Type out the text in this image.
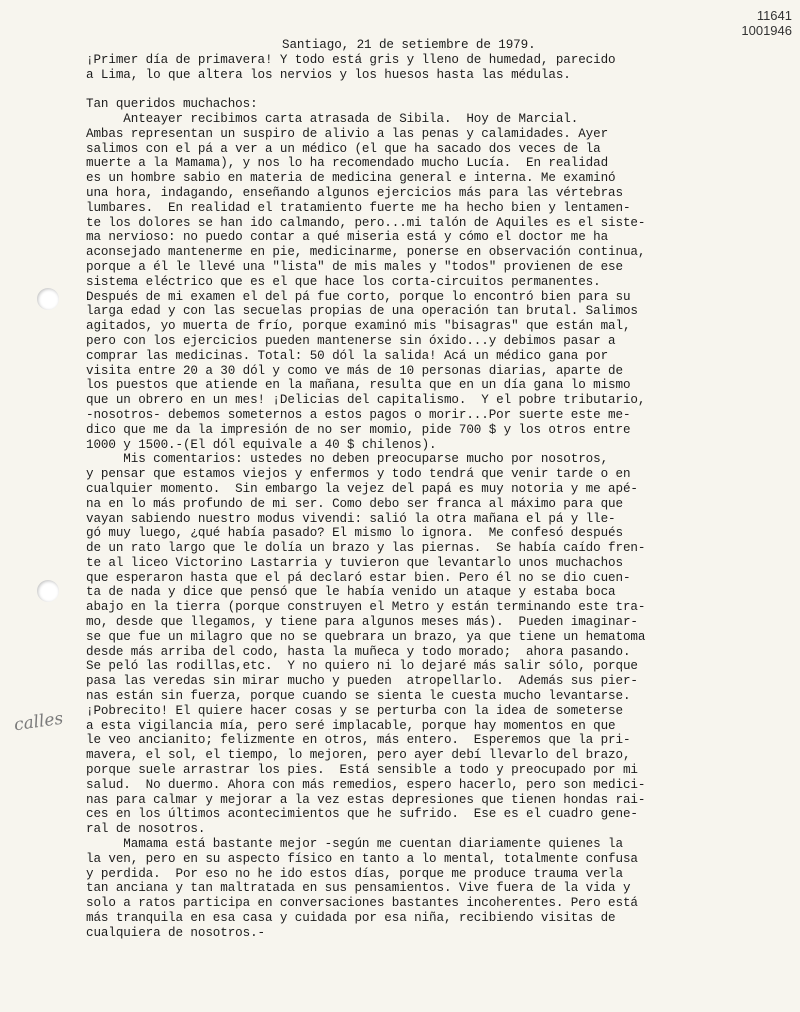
11641
1001946
calles
Santiago, 21 de setiembre de 1979.
¡Primer día de primavera! Y todo está gris y lleno de humedad, parecido
a Lima, lo que altera los nervios y los huesos hasta las médulas.
Tan queridos muchachos:
Anteayer recibimos carta atrasada de Sibila.  Hoy de Marcial.
Ambas representan un suspiro de alivio a las penas y calamidades. Ayer
salimos con el pá a ver a un médico (el que ha sacado dos veces de la
muerte a la Mamama), y nos lo ha recomendado mucho Lucía.  En realidad
es un hombre sabio en materia de medicina general e interna. Me examinó
una hora, indagando, enseñando algunos ejercicios más para las vértebras
lumbares.  En realidad el tratamiento fuerte me ha hecho bien y lentamen-
te los dolores se han ido calmando, pero...mi talón de Aquiles es el siste-
ma nervioso: no puedo contar a qué miseria está y cómo el doctor me ha
aconsejado mantenerme en pie, medicinarme, ponerse en observación continua,
porque a él le llevé una "lista" de mis males y "todos" provienen de ese
sistema eléctrico que es el que hace los corta-circuitos permanentes.
Después de mi examen el del pá fue corto, porque lo encontró bien para su
larga edad y con las secuelas propias de una operación tan brutal. Salimos
agitados, yo muerta de frío, porque examinó mis "bisagras" que están mal,
pero con los ejercicios pueden mantenerse sin óxido...y debimos pasar a
comprar las medicinas. Total: 50 dól la salida! Acá un médico gana por
visita entre 20 a 30 dól y como ve más de 10 personas diarias, aparte de
los puestos que atiende en la mañana, resulta que en un día gana lo mismo
que un obrero en un mes! ¡Delicias del capitalismo.  Y el pobre tributario,
-nosotros- debemos someternos a estos pagos o morir...Por suerte este me-
dico que me da la impresión de no ser momio, pide 700 $ y los otros entre
1000 y 1500.-(El dól equivale a 40 $ chilenos).
Mis comentarios: ustedes no deben preocuparse mucho por nosotros,
y pensar que estamos viejos y enfermos y todo tendrá que venir tarde o en
cualquier momento.  Sin embargo la vejez del papá es muy notoria y me apé-
na en lo más profundo de mi ser. Como debo ser franca al máximo para que
vayan sabiendo nuestro modus vivendi: salió la otra mañana el pá y lle-
gó muy luego, ¿qué había pasado? El mismo lo ignora.  Me confesó después
de un rato largo que le dolía un brazo y las piernas.  Se había caído fren-
te al liceo Victorino Lastarria y tuvieron que levantarlo unos muchachos
que esperaron hasta que el pá declaró estar bien. Pero él no se dio cuen-
ta de nada y dice que pensó que le había venido un ataque y estaba boca
abajo en la tierra (porque construyen el Metro y están terminando este tra-
mo, desde que llegamos, y tiene para algunos meses más).  Pueden imaginar-
se que fue un milagro que no se quebrara un brazo, ya que tiene un hematoma
desde más arriba del codo, hasta la muñeca y todo morado;  ahora pasando.
Se peló las rodillas,etc.  Y no quiero ni lo dejaré más salir sólo, porque
pasa las veredas sin mirar mucho y pueden  atropellarlo.  Además sus pier-
nas están sin fuerza, porque cuando se sienta le cuesta mucho levantarse.
¡Pobrecito! El quiere hacer cosas y se perturba con la idea de someterse
a esta vigilancia mía, pero seré implacable, porque hay momentos en que
le veo ancianito; felizmente en otros, más entero.  Esperemos que la pri-
mavera, el sol, el tiempo, lo mejoren, pero ayer debí llevarlo del brazo,
porque suele arrastrar los pies.  Está sensible a todo y preocupado por mi
salud.  No duermo. Ahora con más remedios, espero hacerlo, pero son medici-
nas para calmar y mejorar a la vez estas depresiones que tienen hondas rai-
ces en los últimos acontecimientos que he sufrido.  Ese es el cuadro gene-
ral de nosotros.
Mamama está bastante mejor -según me cuentan diariamente quienes la
la ven, pero en su aspecto físico en tanto a lo mental, totalmente confusa
y perdida.  Por eso no he ido estos días, porque me produce trauma verla
tan anciana y tan maltratada en sus pensamientos. Vive fuera de la vida y
solo a ratos participa en conversaciones bastantes incoherentes. Pero está
más tranquila en esa casa y cuidada por esa niña, recibiendo visitas de
cualquiera de nosotros.-
